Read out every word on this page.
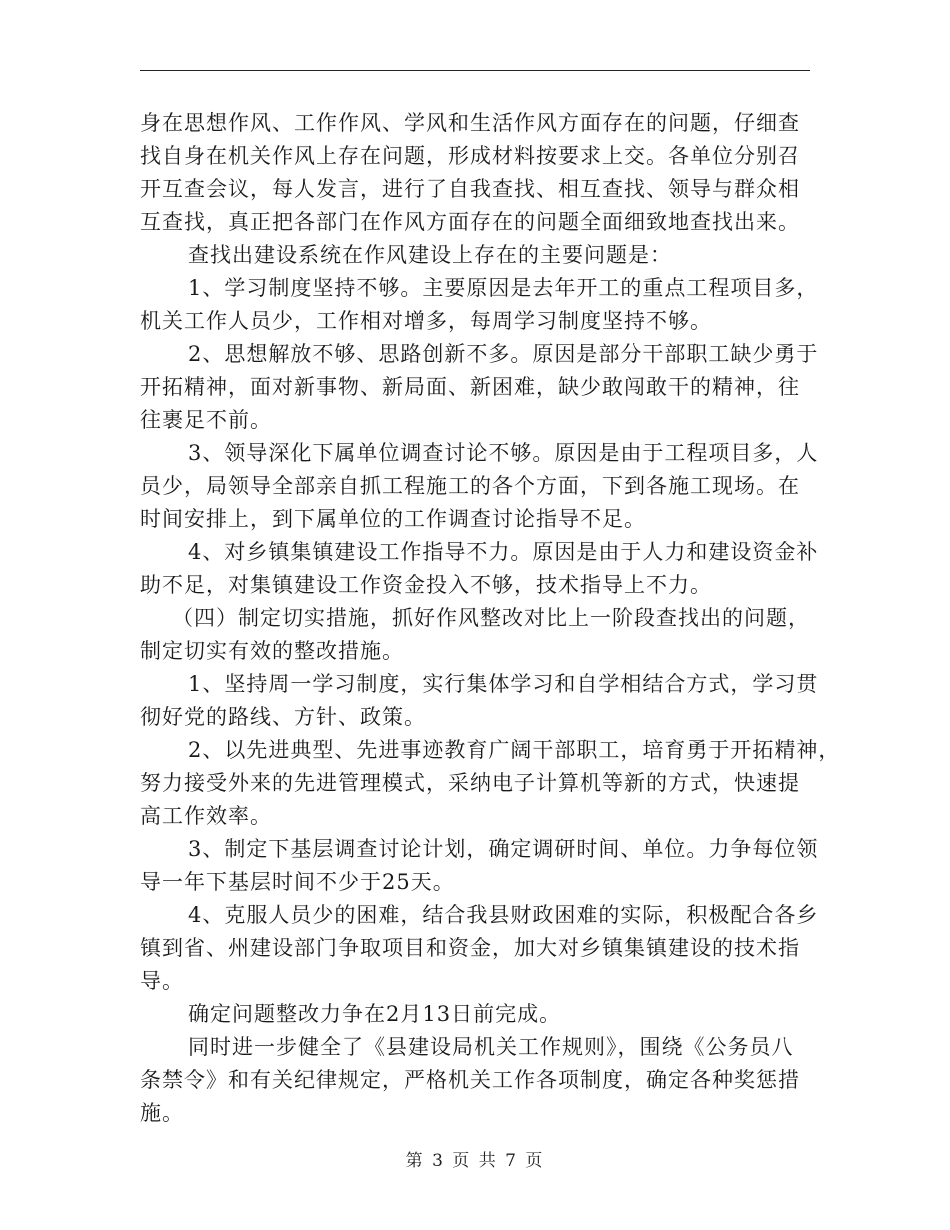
身在思想作风、工作作风、学风和生活作风方面存在的问题，仔细查
找自身在机关作风上存在问题，形成材料按要求上交。各单位分别召
开互查会议，每人发言，进行了自我查找、相互查找、领导与群众相
互查找，真正把各部门在作风方面存在的问题全面细致地查找出来。
查找出建设系统在作风建设上存在的主要问题是：
1、学习制度坚持不够。主要原因是去年开工的重点工程项目多，
机关工作人员少，工作相对增多，每周学习制度坚持不够。
2、思想解放不够、思路创新不多。原因是部分干部职工缺少勇于
开拓精神，面对新事物、新局面、新困难，缺少敢闯敢干的精神，往
往裹足不前。
3、领导深化下属单位调查讨论不够。原因是由于工程项目多，人
员少，局领导全部亲自抓工程施工的各个方面，下到各施工现场。在
时间安排上，到下属单位的工作调查讨论指导不足。
4、对乡镇集镇建设工作指导不力。原因是由于人力和建设资金补
助不足，对集镇建设工作资金投入不够，技术指导上不力。
（四）制定切实措施，抓好作风整改对比上一阶段查找出的问题，
制定切实有效的整改措施。
1、坚持周一学习制度，实行集体学习和自学相结合方式，学习贯
彻好党的路线、方针、政策。
2、以先进典型、先进事迹教育广阔干部职工，培育勇于开拓精神，
努力接受外来的先进管理模式，采纳电子计算机等新的方式，快速提
高工作效率。
3、制定下基层调查讨论计划，确定调研时间、单位。力争每位领
导一年下基层时间不少于25天。
4、克服人员少的困难，结合我县财政困难的实际，积极配合各乡
镇到省、州建设部门争取项目和资金，加大对乡镇集镇建设的技术指
导。
确定问题整改力争在2月13日前完成。
同时进一步健全了《县建设局机关工作规则》，围绕《公务员八
条禁令》和有关纪律规定，严格机关工作各项制度，确定各种奖惩措
施。
第 3 页 共 7 页
